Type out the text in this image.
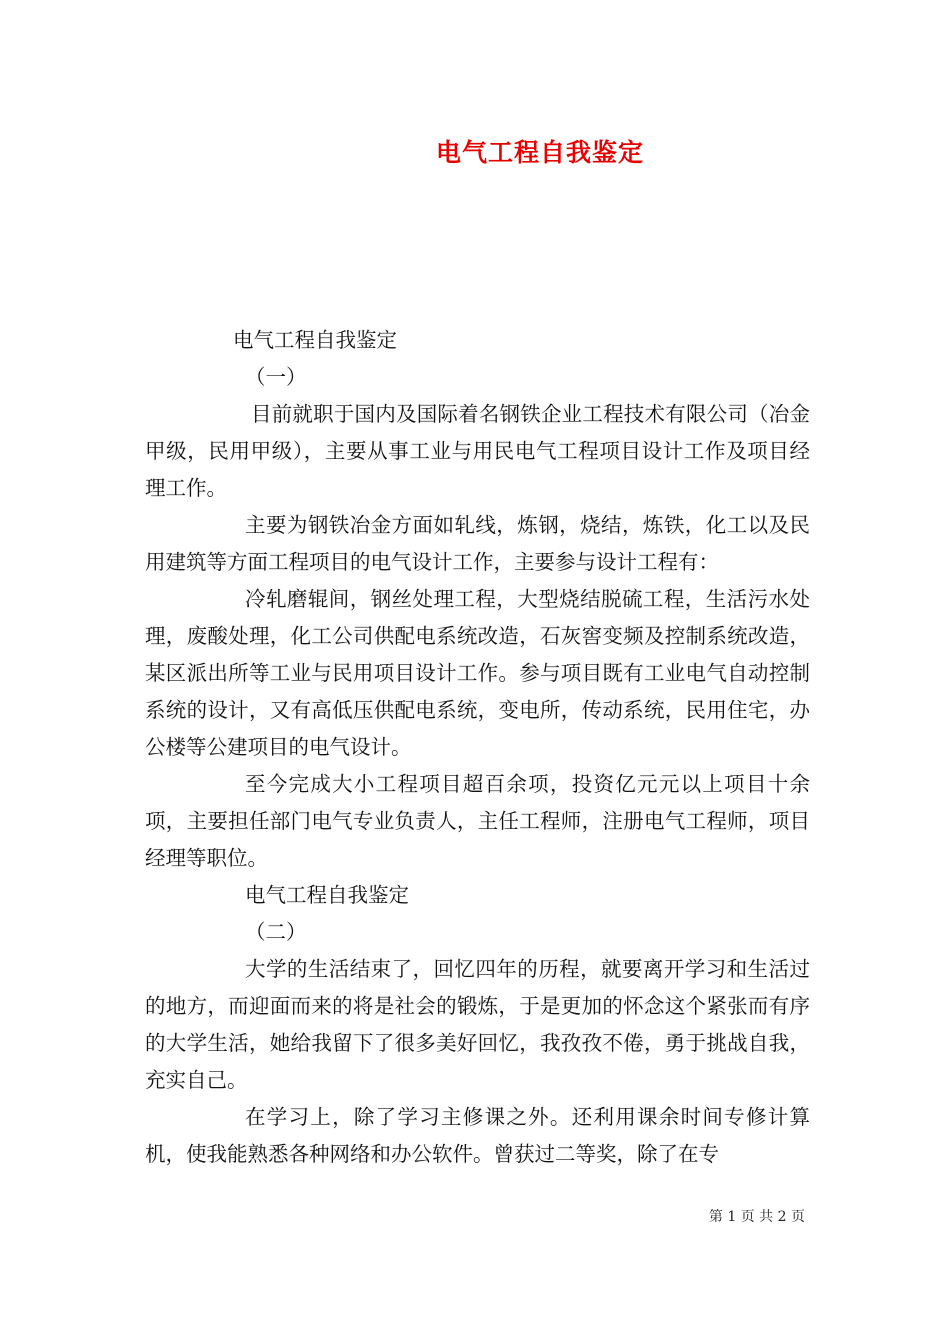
电气工程自我鉴定

电气工程自我鉴定

（一）

目前就职于国内及国际着名钢铁企业工程技术有限公司（冶金甲级，民用甲级），主要从事工业与用民电气工程项目设计工作及项目经理工作。

主要为钢铁冶金方面如轧线，炼钢，烧结，炼铁，化工以及民用建筑等方面工程项目的电气设计工作，主要参与设计工程有：

冷轧磨辊间，钢丝处理工程，大型烧结脱硫工程，生活污水处理，废酸处理，化工公司供配电系统改造，石灰窖变频及控制系统改造，某区派出所等工业与民用项目设计工作。参与项目既有工业电气自动控制系统的设计，又有高低压供配电系统，变电所，传动系统，民用住宅，办公楼等公建项目的电气设计。

至今完成大小工程项目超百余项，投资亿元元以上项目十余项，主要担任部门电气专业负责人，主任工程师，注册电气工程师，项目经理等职位。

电气工程自我鉴定

（二）

大学的生活结束了，回忆四年的历程，就要离开学习和生活过的地方，而迎面而来的将是社会的锻炼，于是更加的怀念这个紧张而有序的大学生活，她给我留下了很多美好回忆，我孜孜不倦，勇于挑战自我，充实自己。

在学习上，除了学习主修课之外。还利用课余时间专修计算机，使我能熟悉各种网络和办公软件。曾获过二等奖，除了在专

第 1 页 共 2 页
